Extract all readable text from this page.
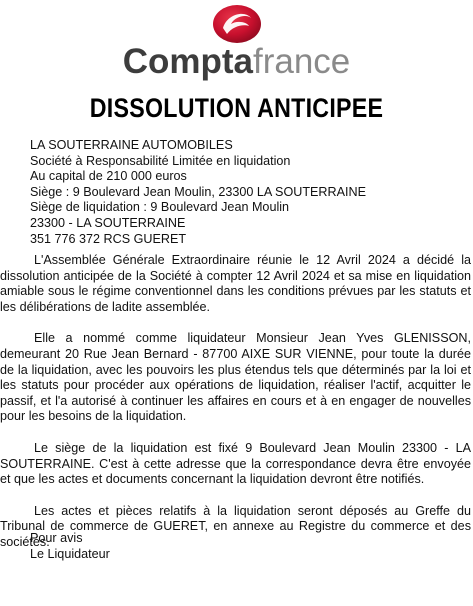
Comptafrance
DISSOLUTION ANTICIPEE
LA SOUTERRAINE AUTOMOBILES
Société à Responsabilité Limitée en liquidation
Au capital de 210 000 euros
Siège : 9 Boulevard Jean Moulin, 23300 LA SOUTERRAINE
Siège de liquidation : 9 Boulevard Jean Moulin
23300 - LA SOUTERRAINE
351 776 372 RCS GUERET

L'Assemblée Générale Extraordinaire réunie le 12 Avril 2024 a décidé la dissolution anticipée de la Société à compter 12 Avril 2024 et sa mise en liquidation amiable sous le régime conventionnel dans les conditions prévues par les statuts et les délibérations de ladite assemblée.

Elle a nommé comme liquidateur Monsieur Jean Yves GLENISSON, demeurant 20 Rue Jean Bernard - 87700 AIXE SUR VIENNE, pour toute la durée de la liquidation, avec les pouvoirs les plus étendus tels que déterminés par la loi et les statuts pour procéder aux opérations de liquidation, réaliser l'actif, acquitter le passif, et l'a autorisé à continuer les affaires en cours et à en engager de nouvelles pour les besoins de la liquidation.

Le siège de la liquidation est fixé 9 Boulevard Jean Moulin 23300 - LA SOUTERRAINE. C'est à cette adresse que la correspondance devra être envoyée et que les actes et documents concernant la liquidation devront être notifiés.

Les actes et pièces relatifs à la liquidation seront déposés au Greffe du Tribunal de commerce de GUERET, en annexe au Registre du commerce et des sociétés.

Pour avis
Le Liquidateur
